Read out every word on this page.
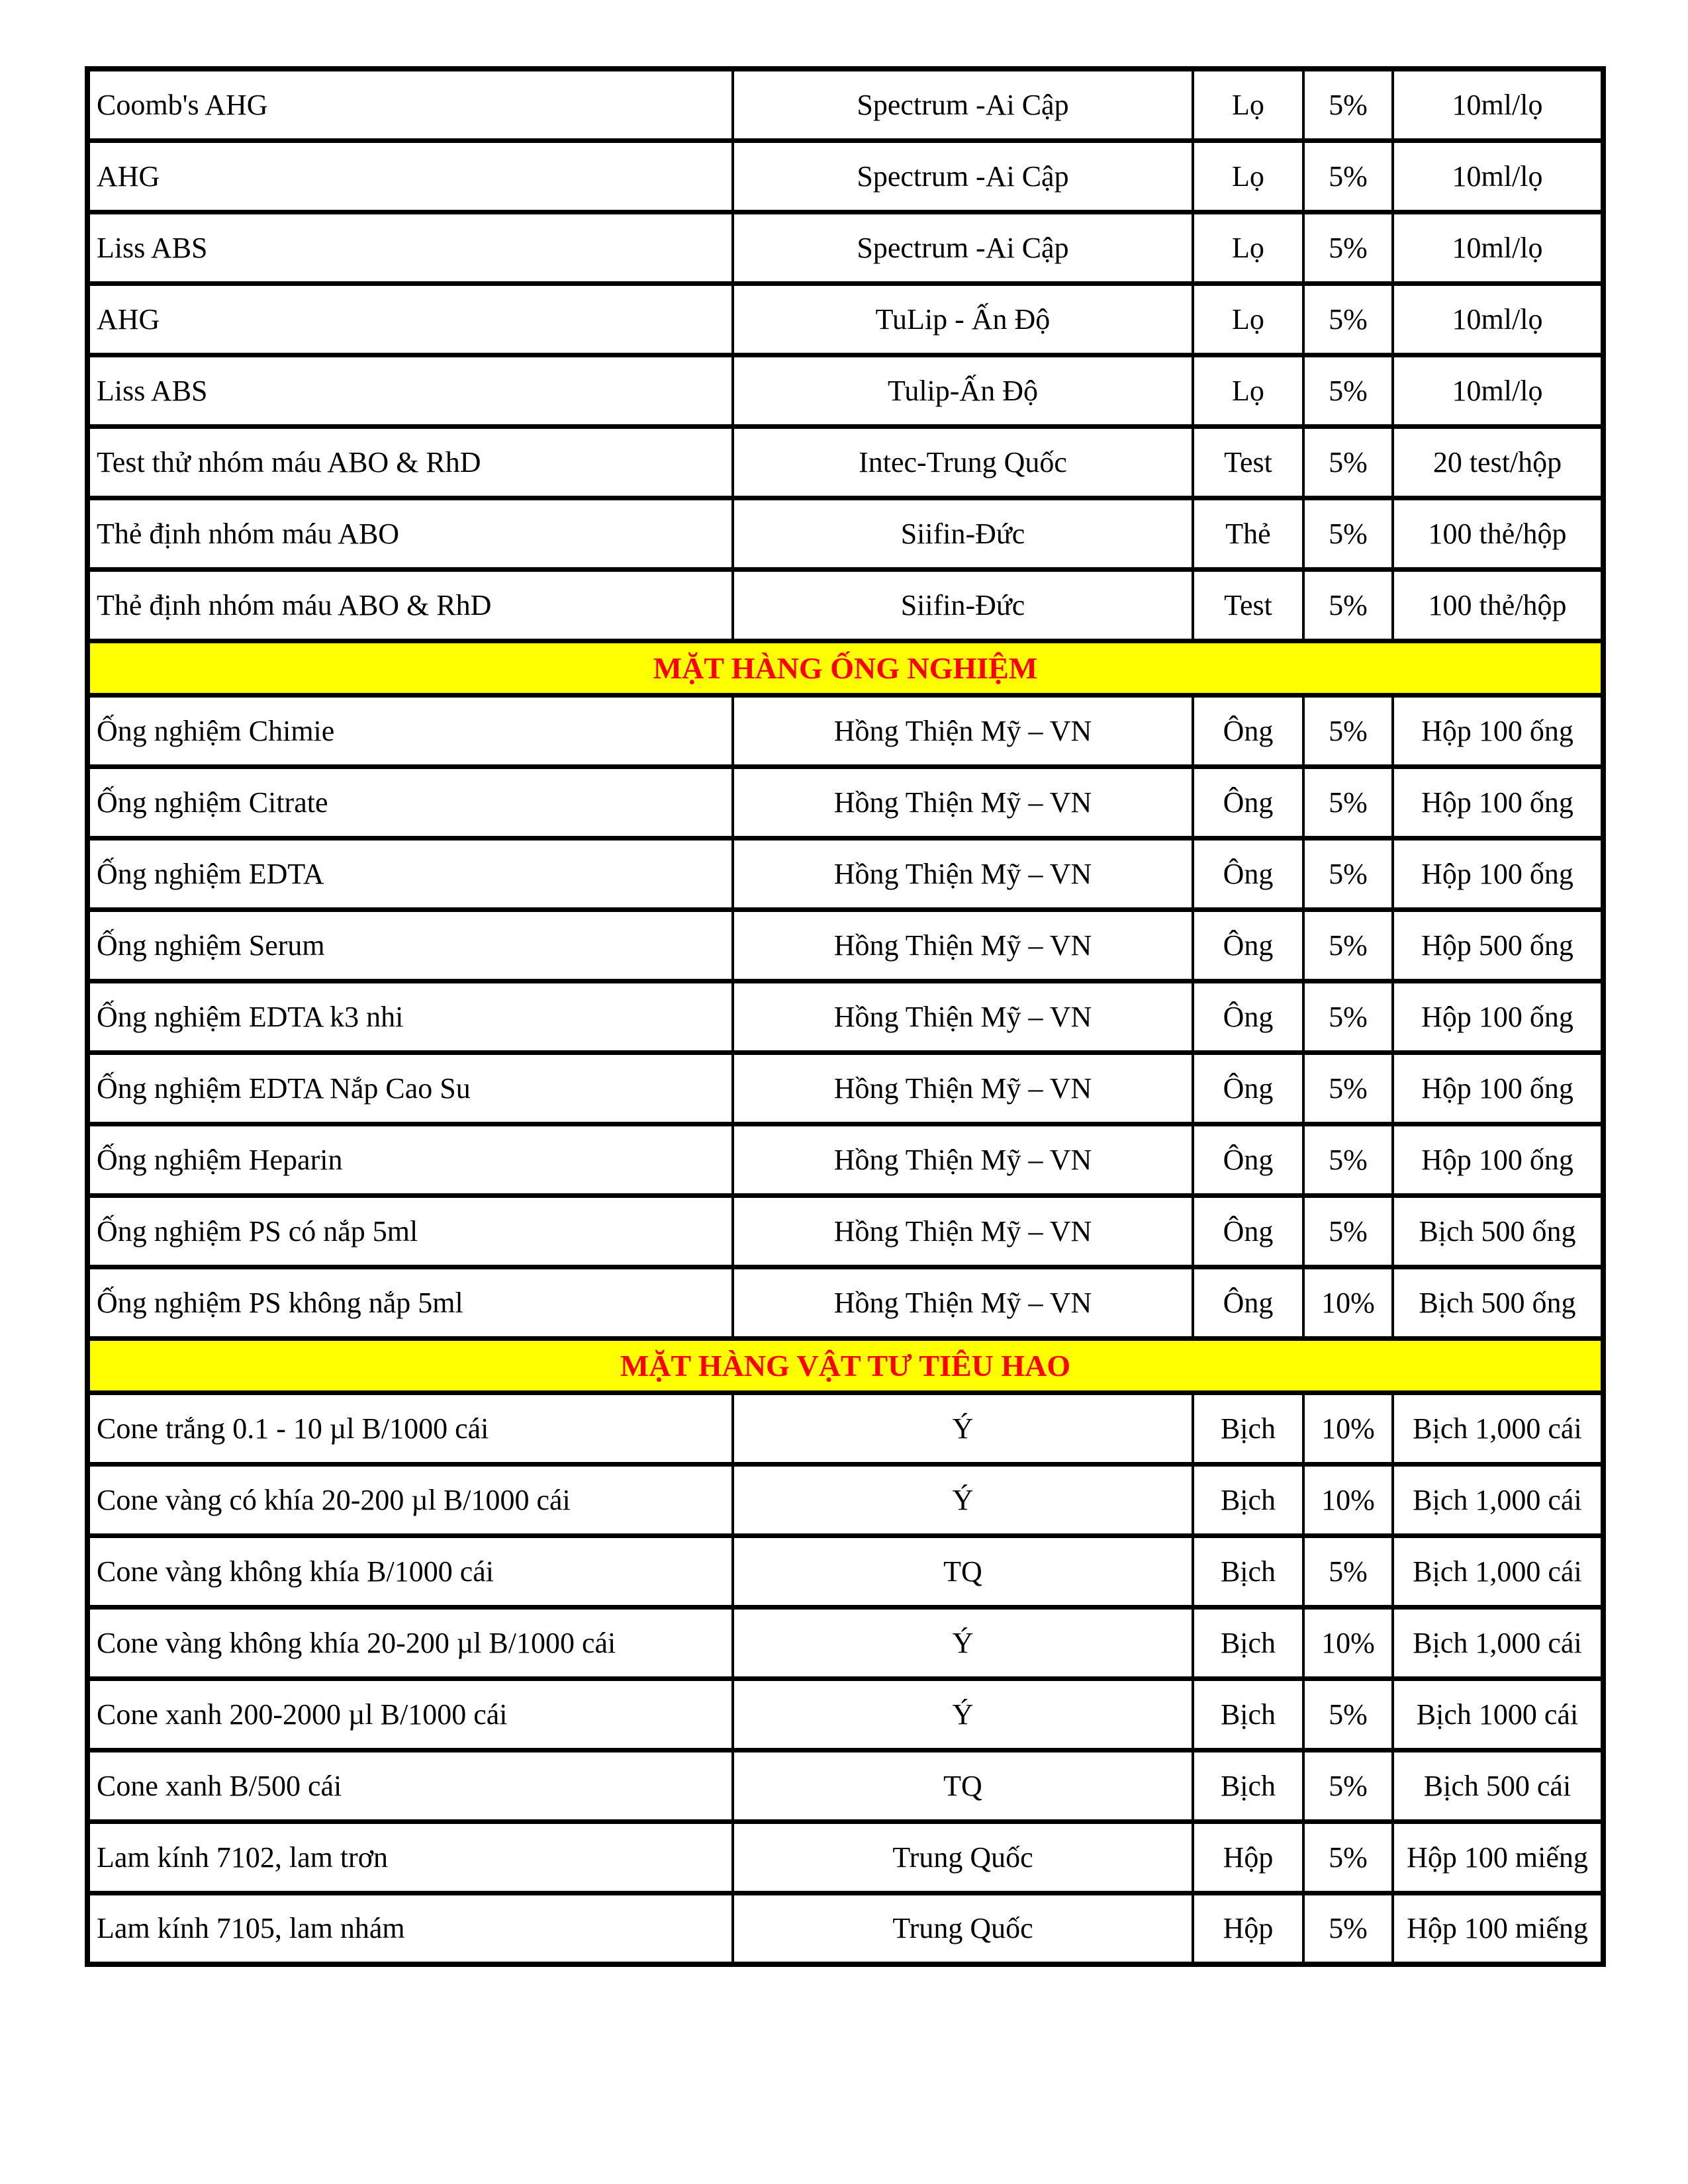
Coomb's AHG	Spectrum -Ai Cập	Lọ	5%	10ml/lọ
AHG	Spectrum -Ai Cập	Lọ	5%	10ml/lọ
Liss ABS	Spectrum -Ai Cập	Lọ	5%	10ml/lọ
AHG	TuLip - Ấn Độ	Lọ	5%	10ml/lọ
Liss ABS	Tulip-Ấn Độ	Lọ	5%	10ml/lọ
Test thử nhóm máu ABO & RhD	Intec-Trung Quốc	Test	5%	20 test/hộp
Thẻ định nhóm máu ABO	Siifin-Đức	Thẻ	5%	100 thẻ/hộp
Thẻ định nhóm máu ABO & RhD	Siifin-Đức	Test	5%	100 thẻ/hộp
MẶT HÀNG ỐNG NGHIỆM				
Ống nghiệm Chimie	Hồng Thiện Mỹ – VN	Ông	5%	Hộp 100 ống
Ống nghiệm Citrate	Hồng Thiện Mỹ – VN	Ông	5%	Hộp 100 ống
Ống nghiệm EDTA	Hồng Thiện Mỹ – VN	Ông	5%	Hộp 100 ống
Ống nghiệm Serum	Hồng Thiện Mỹ – VN	Ông	5%	Hộp 500 ống
Ống nghiệm EDTA k3 nhi	Hồng Thiện Mỹ – VN	Ông	5%	Hộp 100 ống
Ống nghiệm EDTA Nắp Cao Su	Hồng Thiện Mỹ – VN	Ông	5%	Hộp 100 ống
Ống nghiệm Heparin	Hồng Thiện Mỹ – VN	Ông	5%	Hộp 100 ống
Ống nghiệm PS có nắp 5ml	Hồng Thiện Mỹ – VN	Ông	5%	Bịch 500 ống
Ống nghiệm PS không nắp 5ml	Hồng Thiện Mỹ – VN	Ông	10%	Bịch 500 ống
MẶT HÀNG VẬT TƯ TIÊU HAO				
Cone trắng 0.1 - 10 µl B/1000 cái	Ý	Bịch	10%	Bịch 1,000 cái
Cone vàng có khía 20-200 µl B/1000 cái	Ý	Bịch	10%	Bịch 1,000 cái
Cone vàng không khía B/1000 cái	TQ	Bịch	5%	Bịch 1,000 cái
Cone vàng không khía 20-200 µl B/1000 cái	Ý	Bịch	10%	Bịch 1,000 cái
Cone xanh 200-2000 µl B/1000 cái	Ý	Bịch	5%	Bịch 1000 cái
Cone xanh B/500 cái	TQ	Bịch	5%	Bịch 500 cái
Lam kính 7102, lam trơn	Trung Quốc	Hộp	5%	Hộp 100 miếng
Lam kính 7105, lam nhám	Trung Quốc	Hộp	5%	Hộp 100 miếng
